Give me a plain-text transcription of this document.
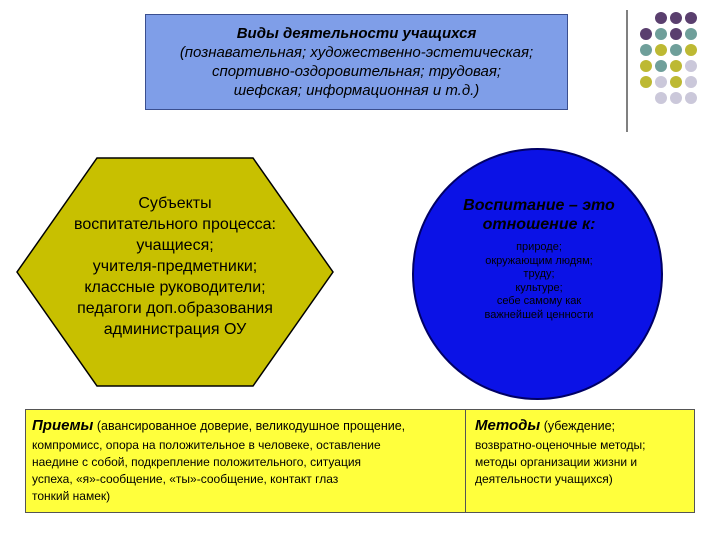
Виды деятельности учащихся
(познавательная; художественно-эстетическая;
спортивно-оздоровительная; трудовая;
шефская; информационная и т.д.)
Субъекты
воспитательного процесса:
учащиеся;
учителя-предметники;
классные руководители;
педагоги доп.образования
администрация ОУ
Воспитание – это
отношение к:
природе;
окружающим людям;
труду;
культуре;
себе самому как
важнейшей ценности
Приемы (авансированное доверие, великодушное прощение,
компромисс, опора на положительное в человеке, оставление
наедине с собой, подкрепление положительного, ситуация
успеха, «я»-сообщение, «ты»-сообщение, контакт глаз
тонкий намек)
Методы (убеждение;
возвратно-оценочные методы;
методы организации жизни и
деятельности учащихся)
